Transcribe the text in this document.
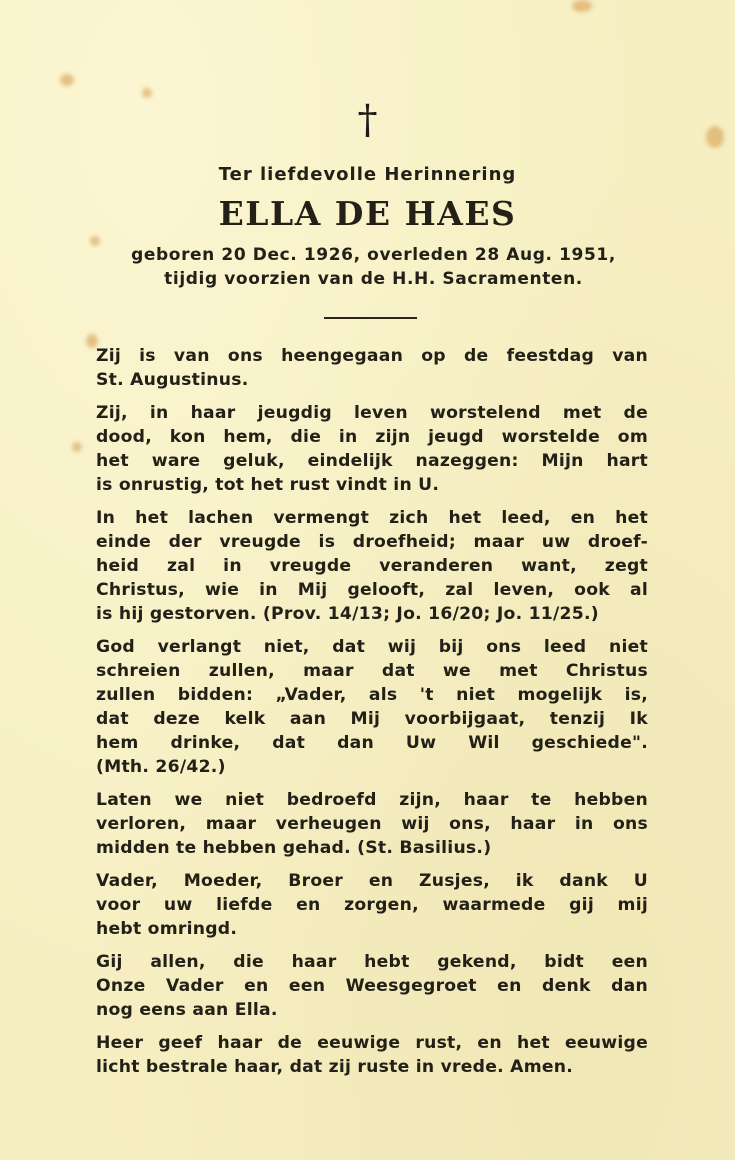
†
Ter liefdevolle Herinnering
ELLA DE HAES
geboren 20 Dec. 1926, overleden 28 Aug. 1951,
tijdig voorzien van de H.H. Sacramenten.
Zij is van ons heengegaan op de feestdag van
St. Augustinus.
Zij, in haar jeugdig leven worstelend met de
dood, kon hem, die in zijn jeugd worstelde om
het ware geluk, eindelijk nazeggen: Mijn hart
is onrustig, tot het rust vindt in U.
In het lachen vermengt zich het leed, en het
einde der vreugde is droefheid; maar uw droef-
heid zal in vreugde veranderen want, zegt
Christus, wie in Mij gelooft, zal leven, ook al
is hij gestorven. (Prov. 14/13; Jo. 16/20; Jo. 11/25.)
God verlangt niet, dat wij bij ons leed niet
schreien zullen, maar dat we met Christus
zullen bidden: „Vader, als 't niet mogelijk is,
dat deze kelk aan Mij voorbijgaat, tenzij Ik
hem drinke, dat dan Uw Wil geschiede".
(Mth. 26/42.)
Laten we niet bedroefd zijn, haar te hebben
verloren, maar verheugen wij ons, haar in ons
midden te hebben gehad. (St. Basilius.)
Vader, Moeder, Broer en Zusjes, ik dank U
voor uw liefde en zorgen, waarmede gij mij
hebt omringd.
Gij allen, die haar hebt gekend, bidt een
Onze Vader en een Weesgegroet en denk dan
nog eens aan Ella.
Heer geef haar de eeuwige rust, en het eeuwige
licht bestrale haar, dat zij ruste in vrede. Amen.
